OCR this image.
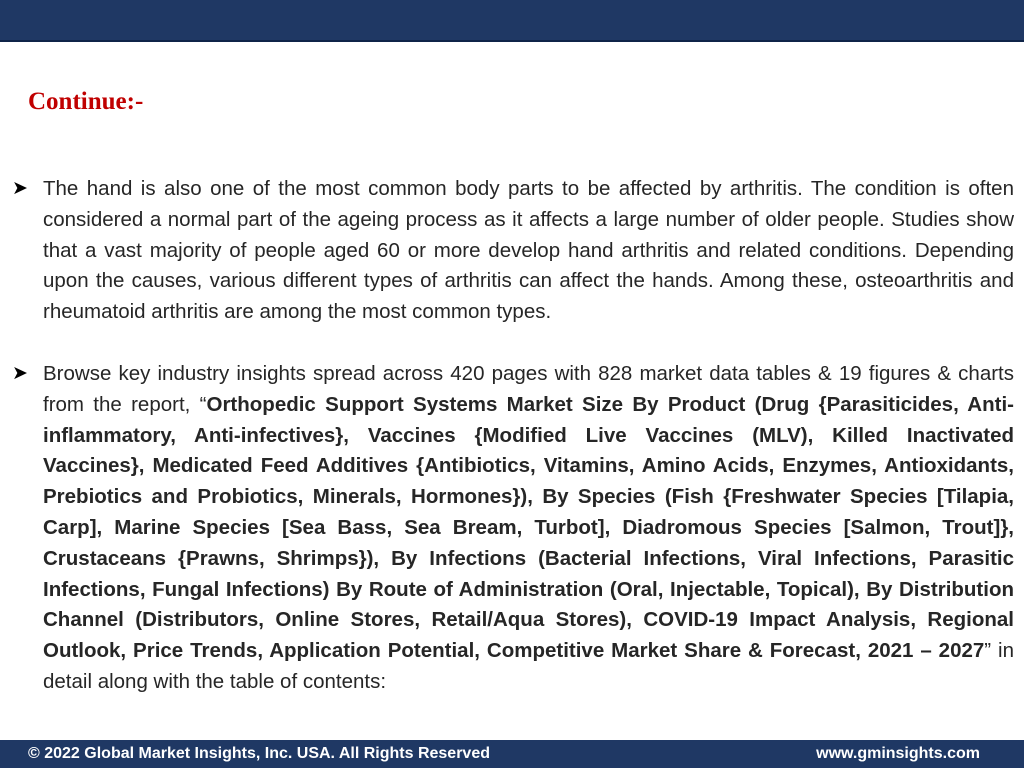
Continue:-
➤ The hand is also one of the most common body parts to be affected by arthritis. The condition is often considered a normal part of the ageing process as it affects a large number of older people. Studies show that a vast majority of people aged 60 or more develop hand arthritis and related conditions. Depending upon the causes, various different types of arthritis can affect the hands. Among these, osteoarthritis and rheumatoid arthritis are among the most common types.
➤ Browse key industry insights spread across 420 pages with 828 market data tables & 19 figures & charts from the report, “Orthopedic Support Systems Market Size By Product (Drug {Parasiticides, Anti-inflammatory, Anti-infectives}, Vaccines {Modified Live Vaccines (MLV), Killed Inactivated Vaccines}, Medicated Feed Additives {Antibiotics, Vitamins, Amino Acids, Enzymes, Antioxidants, Prebiotics and Probiotics, Minerals, Hormones}), By Species (Fish {Freshwater Species [Tilapia, Carp], Marine Species [Sea Bass, Sea Bream, Turbot], Diadromous Species [Salmon, Trout]}, Crustaceans {Prawns, Shrimps}), By Infections (Bacterial Infections, Viral Infections, Parasitic Infections, Fungal Infections) By Route of Administration (Oral, Injectable, Topical), By Distribution Channel (Distributors, Online Stores, Retail/Aqua Stores), COVID-19 Impact Analysis, Regional Outlook, Price Trends, Application Potential, Competitive Market Share & Forecast, 2021 – 2027” in detail along with the table of contents:
© 2022 Global Market Insights, Inc. USA. All Rights Reserved	www.gminsights.com
